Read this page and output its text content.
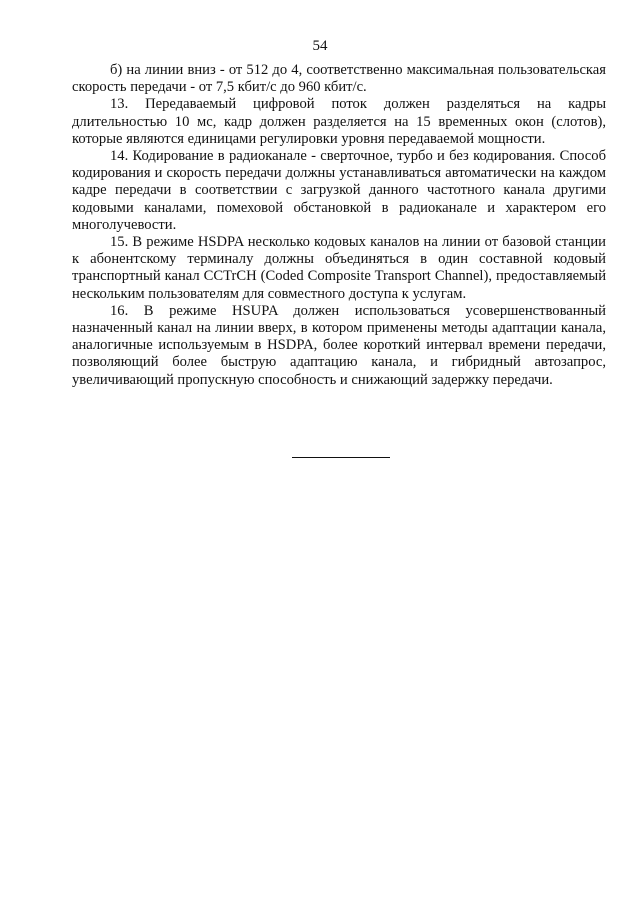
54

б) на линии вниз - от 512 до 4, соответственно максимальная пользовательская скорость передачи - от 7,5 кбит/с до 960 кбит/с.

13. Передаваемый цифровой поток должен разделяться на кадры длительностью 10 мс, кадр должен разделяется на 15 временных окон (слотов), которые являются единицами регулировки уровня передаваемой мощности.

14. Кодирование в радиоканале - сверточное, турбо и без кодирования. Способ кодирования и скорость передачи должны устанавливаться автоматически на каждом кадре передачи в соответствии с загрузкой данного частотного канала другими кодовыми каналами, помеховой обстановкой в радиоканале и характером его многолучевости.

15. В режиме HSDPA несколько кодовых каналов на линии от базовой станции к абонентскому терминалу должны объединяться в один составной кодовый транспортный канал CCTrCH (Coded Composite Transport Channel), предоставляемый нескольким пользователям для совместного доступа к услугам.

16. В режиме HSUPA должен использоваться усовершенствованный назначенный канал на линии вверх, в котором применены методы адаптации канала, аналогичные используемым в HSDPA, более короткий интервал времени передачи, позволяющий более быструю адаптацию канала, и гибридный автозапрос, увеличивающий пропускную способность и снижающий задержку передачи.
